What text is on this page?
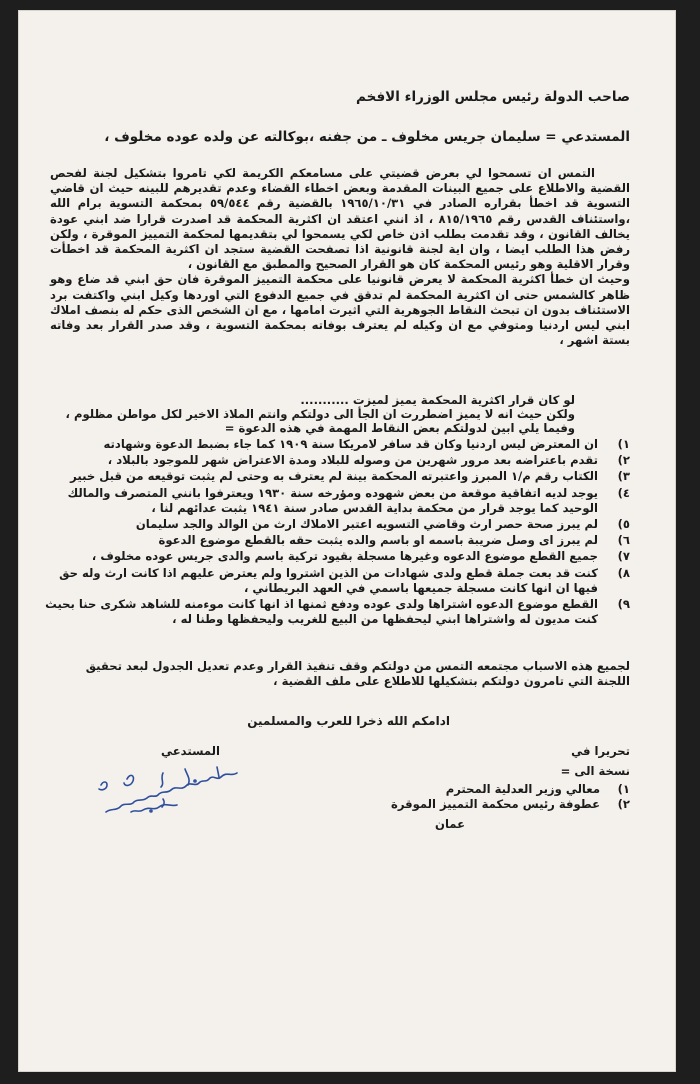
صاحب الدولة رئيس مجلس الوزراء الافخم
المستدعي = سليمان جريس مخلوف ـ من جفنه ،بوكالته عن ولده عوده مخلوف ،

التمس ان تسمحوا لي بعرض قضيتي على مسامعكم الكريمة لكي تامروا بتشكيل لجنة لفحص القضية والاطلاع على جميع البينات المقدمة وبعض اخطاء القضاء وعدم تقديرهم للبينه حيث ان قاضي التسوية قد اخطأ بقراره الصادر في ١٩٦٥/١٠/٣١ بالقضية رقم ٥٩/٥٤٤ بمحكمة التسوية برام الله ،واستئناف القدس رقم ٨١٥/١٩٦٥ ، اذ انني اعتقد ان اكثرية المحكمة قد اصدرت قرارا ضد ابني عودة يخالف القانون ، وقد تقدمت بطلب اذن خاص لكي يسمحوا لي بتقديمها لمحكمة التمييز الموقرة ، ولكن رفض هذا الطلب ايضا ، وان اية لجنة قانونية اذا تصفحت القضية ستجد ان اكثرية المحكمة قد اخطأت وقرار الاقلية وهو رئيس المحكمة كان هو القرار الصحيح والمطبق مع القانون ،

وحيث ان خطأ اكثرية المحكمة لا يعرض قانونيا على محكمة التمييز الموقرة فان حق ابني قد ضاع وهو ظاهر كالشمس حتى ان اكثرية المحكمة لم تدقق في جميع الدفوع التي اوردها وكيل ابني واكتفت برد الاستئناف بدون ان تبحث النقاط الجوهرية التي اثيرت امامها ، مع ان الشخص الذى حكم له بنصف املاك ابني ليس اردنيا ومتوفي مع ان وكيله لم يعترف بوفاته بمحكمة التسوية ، وقد صدر القرار بعد وفاته بستة اشهر ،

لو كان قرار اكثرية المحكمة يميز لميزت ...........

ولكن حيث انه لا يميز اضطررت ان الجأ الى دولتكم وانتم الملاذ الاخير لكل مواطن مظلوم ،

وفيما يلي ابين لدولتكم بعض النقاط المهمة في هذه الدعوة =

(١
ان المعترض ليس اردنيا وكان قد سافر لامريكا سنة ١٩٠٩ كما جاء بضبط الدعوة وشهادته
(٢
تقدم باعتراضه بعد مرور شهرين من وصوله للبلاد ومدة الاعتراض شهر للموجود بالبلاد ،
(٣
الكتاب رقم م/١ المبرز واعتبرته المحكمة بينة لم يعترف به وحتى لم يثبت توقيعه من قبل خبير
(٤
يوجد لديه اتفاقية موقعة من بعض شهوده ومؤرخه سنة ١٩٣٠ ويعترفوا بانني المتصرف والمالك الوحيد كما يوجد قرار من محكمة بداية القدس صادر سنة ١٩٤١ يثبت عدائهم لنا ،
(٥
لم يبرز صحة حصر ارث وقاضي التسويه اعتبر الاملاك ارث من الوالد والجد سليمان
(٦
لم يبرز اى وصل ضريبة باسمه او باسم والده يثبت حقه بالقطع موضوع الدعوة
(٧
جميع القطع موضوع الدعوه وغيرها مسجلة بقيود تركية باسم والدى جريس عوده مخلوف ،
(٨
كنت قد بعت جملة قطع ولدى شهادات من الذين اشتروا ولم يعترض عليهم اذا كانت ارث وله حق فيها ان انها كانت مسجلة جميعها باسمي في العهد البريطاني ،
(٩
القطع موضوع الدعوه اشتراها ولدى عوده ودفع ثمنها اذ انها كانت موءمنه للشاهد شكرى حنا بحيث كنت مديون له واشتراها ابني ليحفظها من البيع للغريب وليحفظها وطنا له ،
لجميع هذه الاسباب مجتمعه التمس من دولتكم وقف تنفيذ القرار وعدم تعديل الجدول لبعد تحقيق اللجنة التي تامرون دولتكم بتشكيلها للاطلاع على ملف القضية ،
ادامكم الله ذخرا للعرب والمسلمين
تحريرا في
المستدعي
نسخة الى =
(١
معالي وزير العدلية المحترم
(٢
عطوفة رئيس محكمة التمييز الموقرة
عمان
